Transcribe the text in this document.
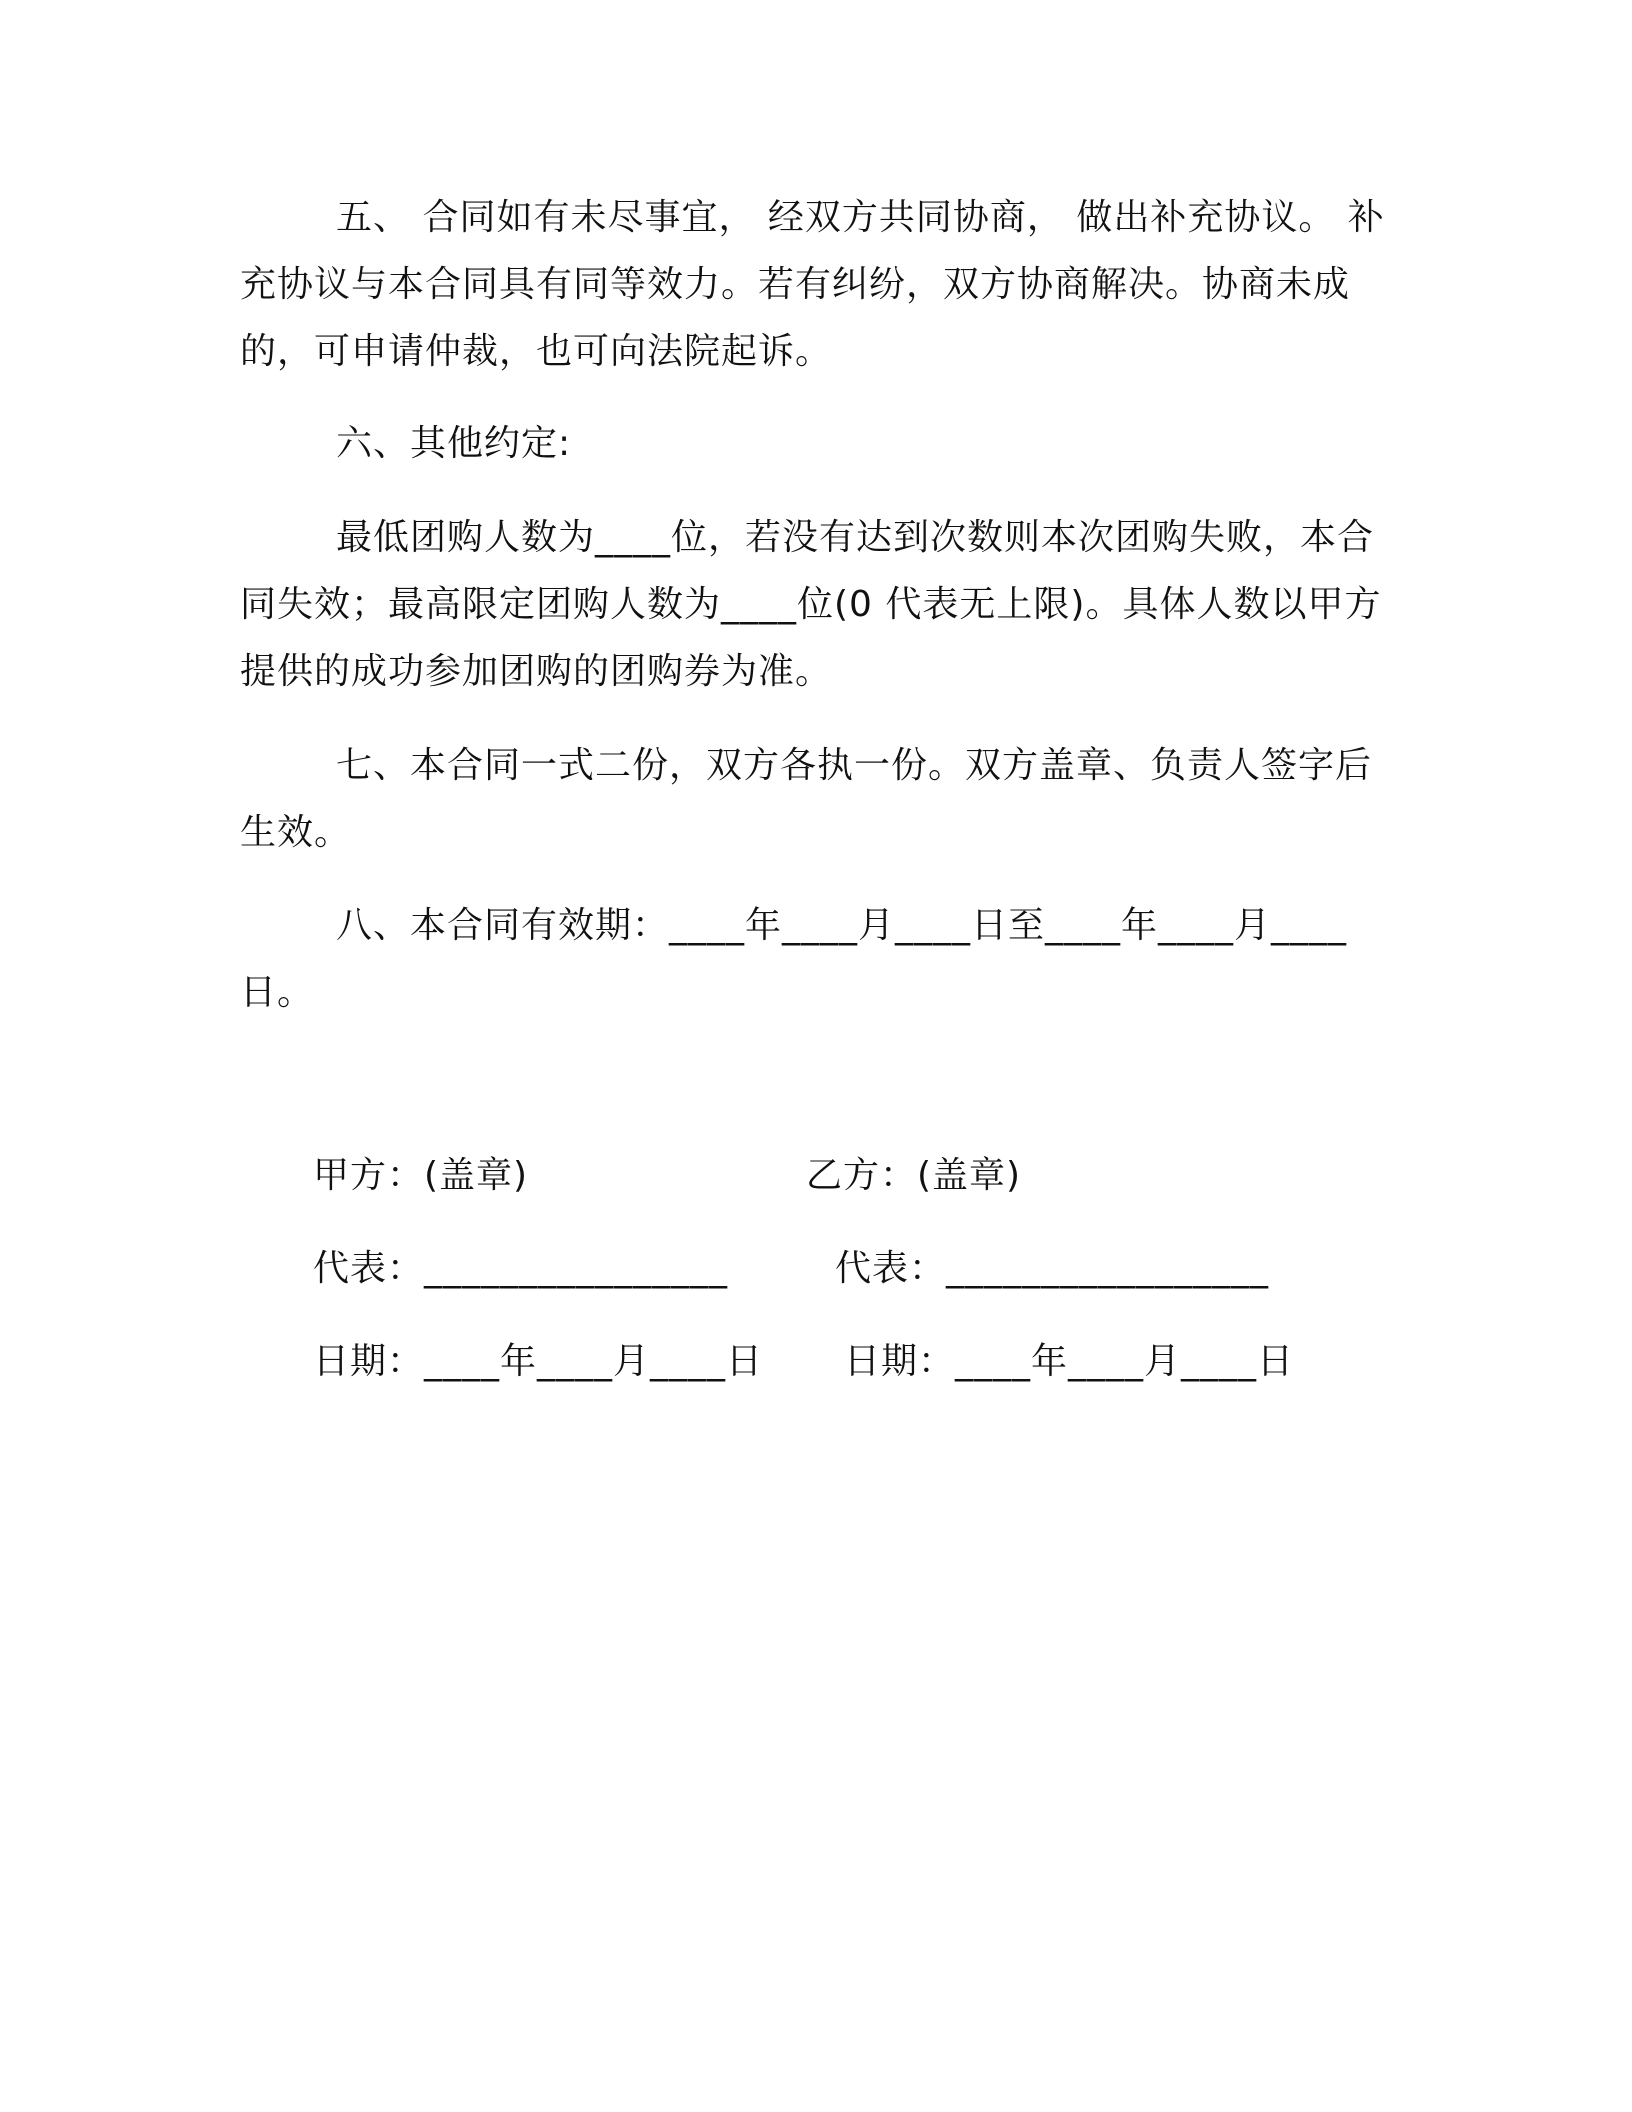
五、 合同如有未尽事宜， 经双方共同协商， 做出补充协议。 补充协议与本合同具有同等效力。若有纠纷，双方协商解决。协商未成的，可申请仲裁，也可向法院起诉。

六、其他约定:

最低团购人数为____位，若没有达到次数则本次团购失败，本合同失效；最高限定团购人数为____位(0 代表无上限)。具体人数以甲方提供的成功参加团购的团购券为准。

七、本合同一式二份，双方各执一份。双方盖章、负责人签字后生效。

八、本合同有效期：____年____月____日至____年____月____日。

甲方：(盖章)	乙方：(盖章)

代表：________________	代表：_________________

日期：____年____月____日 日期：____年____月____日
